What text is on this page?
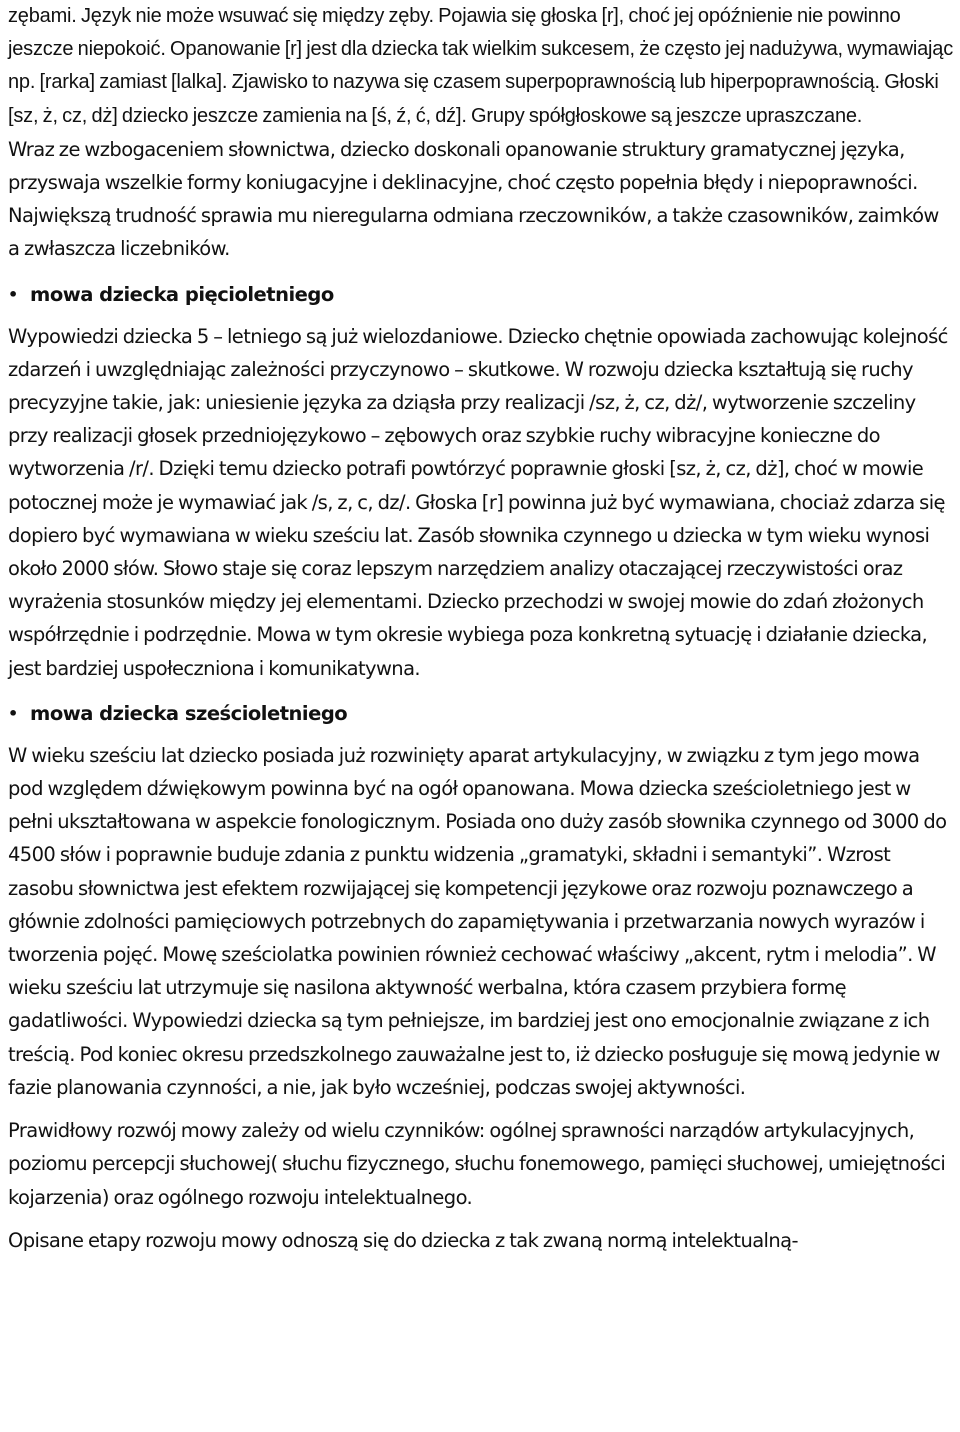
zębami. Język nie może wsuwać się między zęby. Pojawia się głoska [r], choć jej opóźnienie nie powinno jeszcze niepokoić. Opanowanie [r] jest dla dziecka tak wielkim sukcesem, że często jej nadużywa, wymawiając np. [rarka] zamiast [lalka]. Zjawisko to nazywa się czasem superpoprawnością lub hiperpoprawnością. Głoski [sz, ż, cz, dż] dziecko jeszcze zamienia na [ś, ź, ć, dź]. Grupy spółgłoskowe są jeszcze upraszczane.

Wraz ze wzbogaceniem słownictwa, dziecko doskonali opanowanie struktury gramatycznej języka, przyswaja wszelkie formy koniugacyjne i deklinacyjne, choć często popełnia błędy i niepoprawności. Największą trudność sprawia mu nieregularna odmiana rzeczowników, a także czasowników, zaimków a zwłaszcza liczebników.

• mowa dziecka pięcioletniego

Wypowiedzi dziecka 5 – letniego są już wielozdaniowe. Dziecko chętnie opowiada zachowując kolejność zdarzeń i uwzględniając zależności przyczynowo – skutkowe. W rozwoju dziecka kształtują się ruchy precyzyjne takie, jak: uniesienie języka za dziąsła przy realizacji /sz, ż, cz, dż/, wytworzenie szczeliny przy realizacji głosek przedniojęzykowo – zębowych oraz szybkie ruchy wibracyjne konieczne do wytworzenia /r/. Dzięki temu dziecko potrafi powtórzyć poprawnie głoski [sz, ż, cz, dż], choć w mowie potocznej może je wymawiać jak /s, z, c, dz/. Głoska [r] powinna już być wymawiana, chociaż zdarza się dopiero być wymawiana w wieku sześciu lat. Zasób słownika czynnego u dziecka w tym wieku wynosi około 2000 słów. Słowo staje się coraz lepszym narzędziem analizy otaczającej rzeczywistości oraz wyrażenia stosunków między jej elementami. Dziecko przechodzi w swojej mowie do zdań złożonych współrzędnie i podrzędnie. Mowa w tym okresie wybiega poza konkretną sytuację i działanie dziecka, jest bardziej uspołeczniona i komunikatywna.

• mowa dziecka sześcioletniego

W wieku sześciu lat dziecko posiada już rozwinięty aparat artykulacyjny, w związku z tym jego mowa pod względem dźwiękowym powinna być na ogół opanowana. Mowa dziecka sześcioletniego jest w pełni ukształtowana w aspekcie fonologicznym. Posiada ono duży zasób słownika czynnego od 3000 do 4500 słów i poprawnie buduje zdania z punktu widzenia „gramatyki, składni i semantyki”. Wzrost zasobu słownictwa jest efektem rozwijającej się kompetencji językowe oraz rozwoju poznawczego a głównie zdolności pamięciowych potrzebnych do zapamiętywania i przetwarzania nowych wyrazów i tworzenia pojęć. Mowę sześciolatka powinien również cechować właściwy „akcent, rytm i melodia”. W wieku sześciu lat utrzymuje się nasilona aktywność werbalna, która czasem przybiera formę gadatliwości. Wypowiedzi dziecka są tym pełniejsze, im bardziej jest ono emocjonalnie związane z ich treścią. Pod koniec okresu przedszkolnego zauważalne jest to, iż dziecko posługuje się mową jedynie w fazie planowania czynności, a nie, jak było wcześniej, podczas swojej aktywności.

Prawidłowy rozwój mowy zależy od wielu czynników: ogólnej sprawności narządów artykulacyjnych, poziomu percepcji słuchowej( słuchu fizycznego, słuchu fonemowego, pamięci słuchowej, umiejętności kojarzenia) oraz ogólnego rozwoju intelektualnego.

Opisane etapy rozwoju mowy odnoszą się do dziecka z tak zwaną normą intelektualną-
